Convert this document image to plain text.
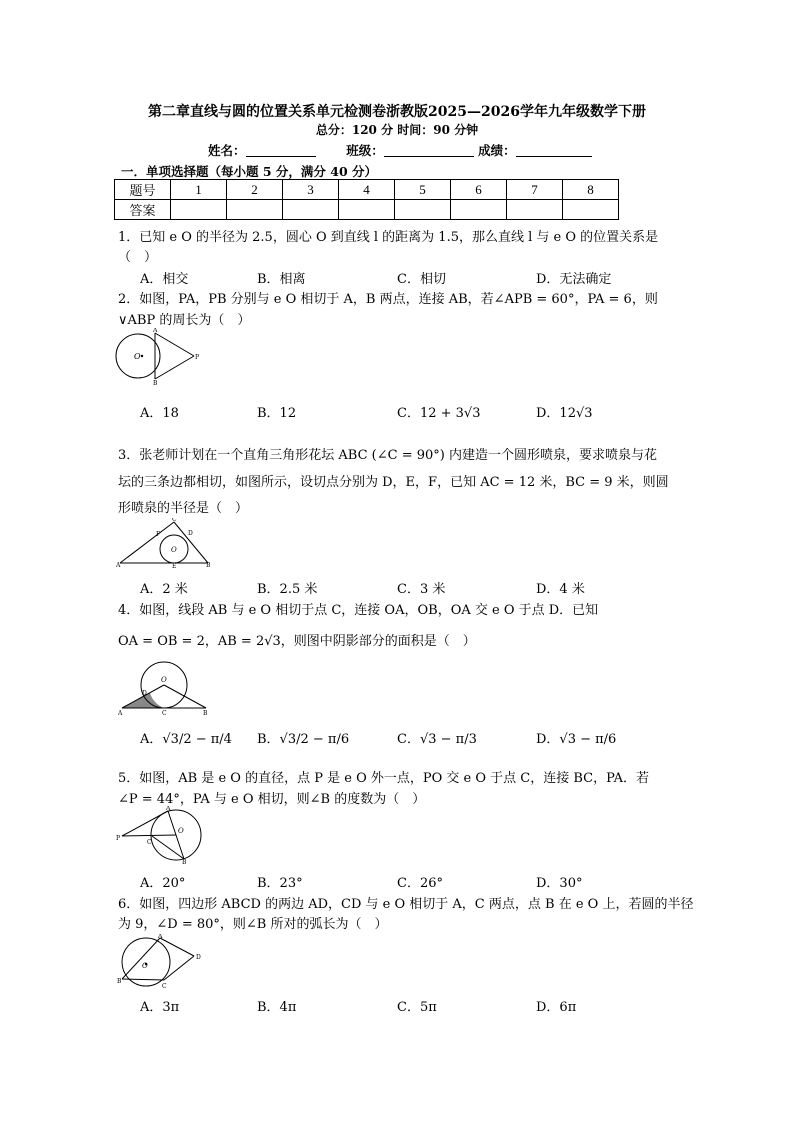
第二章直线与圆的位置关系单元检测卷浙教版2025—2026学年九年级数学下册
总分：120 分 时间：90 分钟
姓名：	班级：	成绩：
一．单项选择题（每小题 5 分，满分 40 分）
题号	1	2	3	4	5	6	7	8
答案								
1．已知 e O 的半径为 2.5，圆心 O 到直线 l 的距离为 1.5，那么直线 l 与 e O 的位置关系是
（　）
A．相交	B．相离	C．相切	D．无法确定
2．如图，PA，PB 分别与 e O 相切于 A，B 两点，连接 AB，若∠APB = 60°，PA = 6，则
∨ABP 的周长为（　）
O
A
B
P
A．18	B．12	C．12 + 3√3	D．12√3
3．张老师计划在一个直角三角形花坛 ABC (∠C = 90°) 内建造一个圆形喷泉，要求喷泉与花
坛的三条边都相切，如图所示，设切点分别为 D，E，F，已知 AC = 12 米，BC = 9 米，则圆
形喷泉的半径是（　）
O
C
A	B
E
F	D
A．2 米	B．2.5 米	C．3 米	D．4 米
4．如图，线段 AB 与 e O 相切于点 C，连接 OA，OB，OA 交 e O 于点 D．已知
OA = OB = 2，AB = 2√3，则图中阴影部分的面积是（　）
O
D
A	C	B
A．√3/2 − π/4 B．√3/2 − π/6	C．√3 − π/3	D．√3 − π/6
5．如图，AB 是 e O 的直径，点 P 是 e O 外一点，PO 交 e O 于点 C，连接 BC，PA．若
∠P = 44°，PA 与 e O 相切，则∠B 的度数为（　）
A
B
O
C
P
A．20°	B．23°	C．26°	D．30°
6．如图，四边形 ABCD 的两边 AD，CD 与 e O 相切于 A，C 两点，点 B 在 e O 上，若圆的半径
为 9，∠D = 80°，则∠B 所对的弧长为（　）
O
A
B
C
D
A．3π	B．4π	C．5π	D．6π
